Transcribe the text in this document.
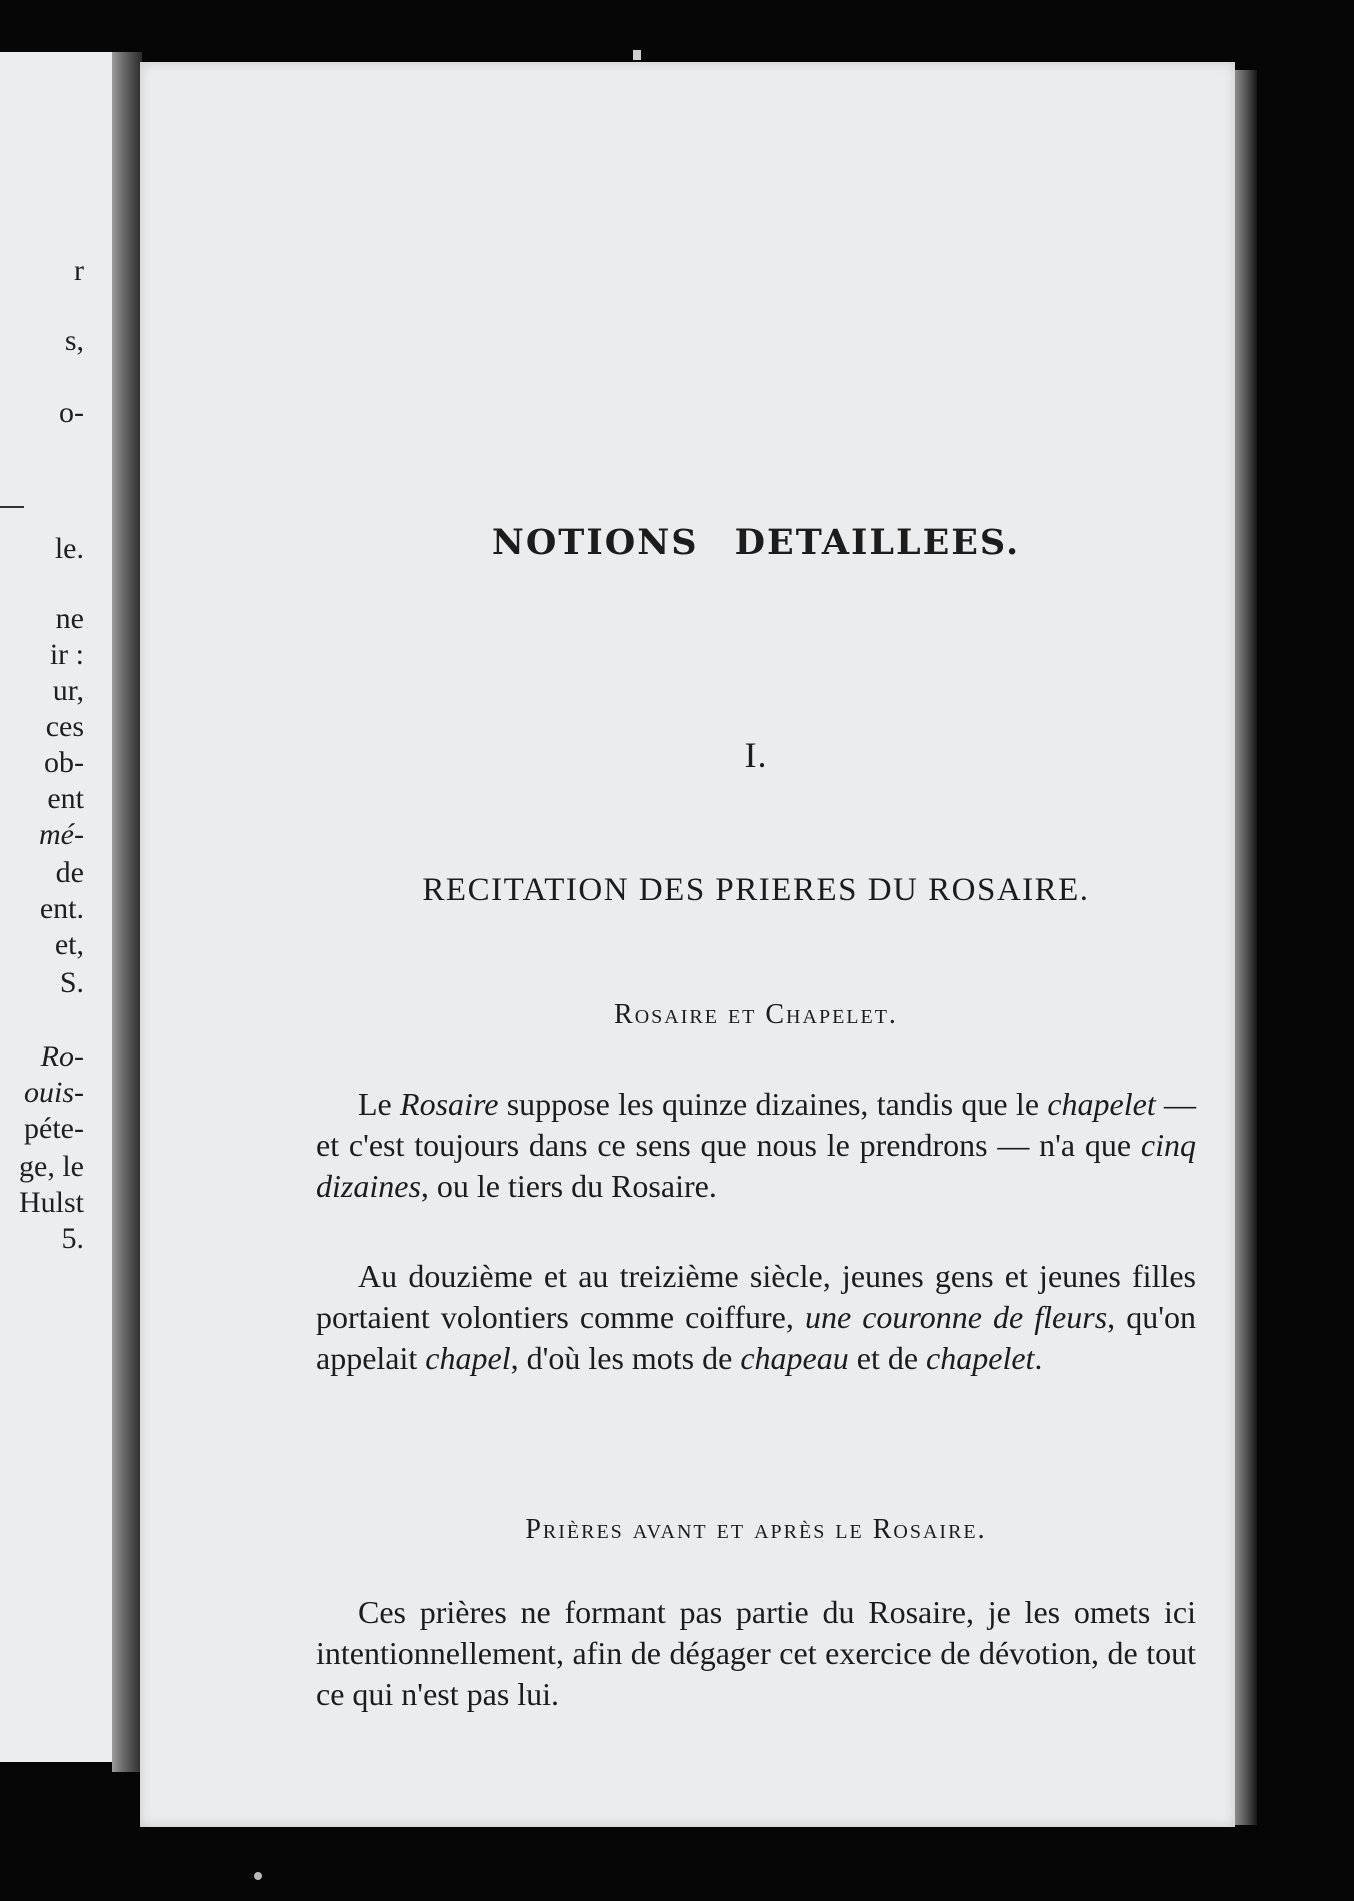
r
s,
o-
le.
ne
ir :
ur,
ces
ob-
ent
mé-
de
ent.
et,
S.
Ro-
ouis-
péte-
ge, le
Hulst
5.
NOTIONS DETAILLEES.
I.
RECITATION DES PRIERES DU ROSAIRE.
Rosaire et Chapelet.

Le Rosaire suppose les quinze dizaines, tandis que le chapelet — et c'est toujours dans ce sens que nous le prendrons — n'a que cinq dizaines, ou le tiers du Rosaire.

Au douzième et au treizième siècle, jeunes gens et jeunes filles portaient volontiers comme coiffure, une couronne de fleurs, qu'on appelait chapel, d'où les mots de chapeau et de chapelet.

Prières avant et après le Rosaire.

Ces prières ne formant pas partie du Rosaire, je les omets ici intentionnellement, afin de dégager cet exercice de dévotion, de tout ce qui n'est pas lui.
